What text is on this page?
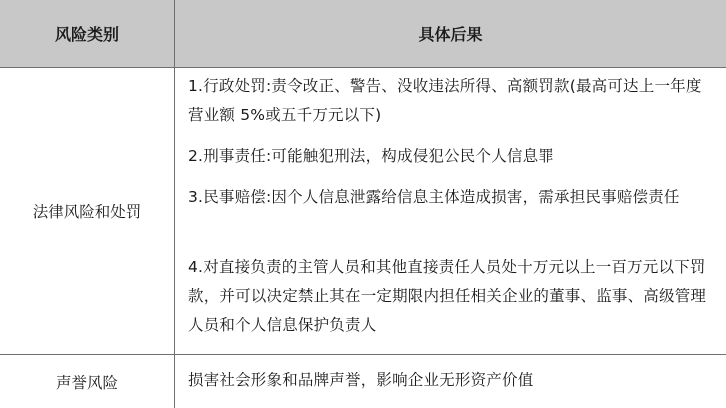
风险类别	具体后果
法律风险和处罚
1.行政处罚:责令改正、警告、没收违法所得、高额罚款(最高可达上一年度营业额 5%或五千万元以下)
2.刑事责任:可能触犯刑法，构成侵犯公民个人信息罪
3.民事赔偿:因个人信息泄露给信息主体造成损害，需承担民事赔偿责任
4.对直接负责的主管人员和其他直接责任人员处十万元以上一百万元以下罚款，并可以决定禁止其在一定期限内担任相关企业的董事、监事、高级管理人员和个人信息保护负责人
声誉风险	损害社会形象和品牌声誉，影响企业无形资产价值
